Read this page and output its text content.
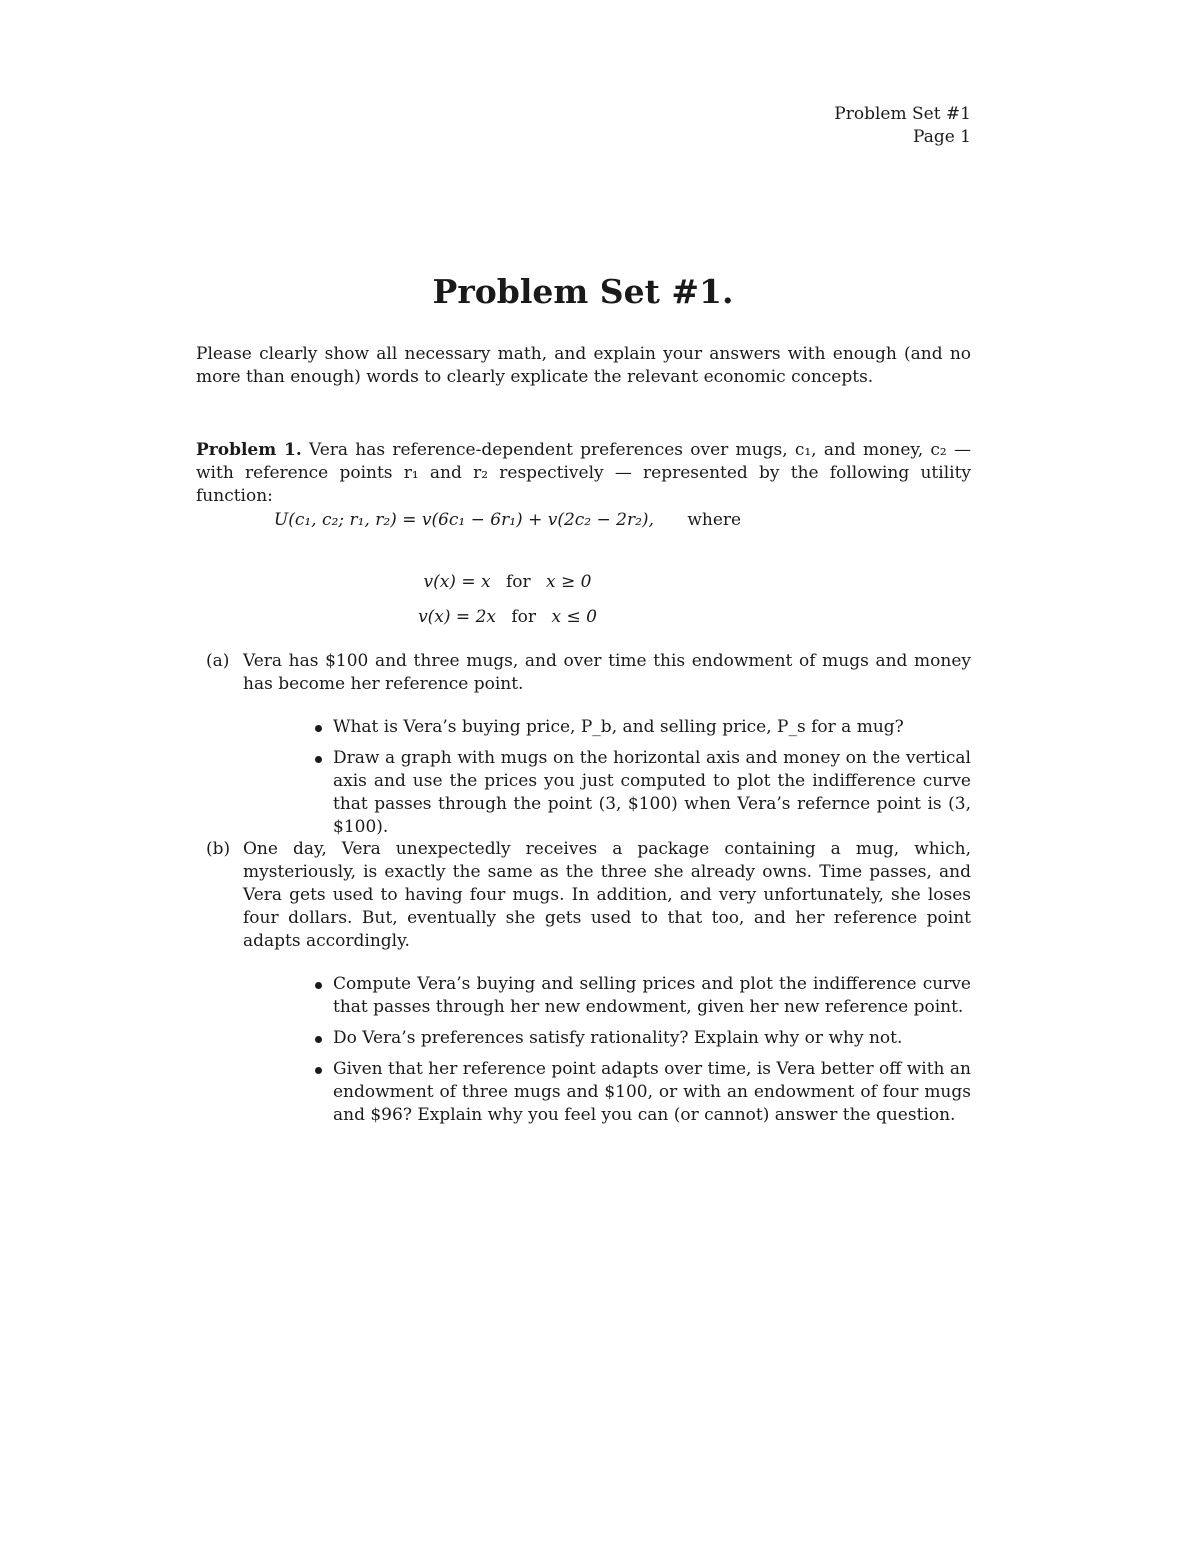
Problem Set #1
Page 1
Problem Set #1.
Please clearly show all necessary math, and explain your answers with enough (and no more than enough) words to clearly explicate the relevant economic concepts.
Problem 1. Vera has reference-dependent preferences over mugs, c₁, and money, c₂ — with reference points r₁ and r₂ respectively — represented by the following utility function:
U(c₁, c₂; r₁, r₂) = v(6c₁ − 6r₁) + v(2c₂ − 2r₂), where
v(x) = x for x ≥ 0
v(x) = 2x for x ≤ 0
(a) Vera has $100 and three mugs, and over time this endowment of mugs and money has become her reference point.
What is Vera’s buying price, P_b, and selling price, P_s for a mug?
Draw a graph with mugs on the horizontal axis and money on the vertical axis and use the prices you just computed to plot the indifference curve that passes through the point (3, $100) when Vera’s refernce point is (3, $100).
(b) One day, Vera unexpectedly receives a package containing a mug, which, mysteriously, is exactly the same as the three she already owns. Time passes, and Vera gets used to having four mugs. In addition, and very unfortunately, she loses four dollars. But, eventually she gets used to that too, and her reference point adapts accordingly.
Compute Vera’s buying and selling prices and plot the indifference curve that passes through her new endowment, given her new reference point.
Do Vera’s preferences satisfy rationality? Explain why or why not.
Given that her reference point adapts over time, is Vera better off with an endowment of three mugs and $100, or with an endowment of four mugs and $96? Explain why you feel you can (or cannot) answer the question.
